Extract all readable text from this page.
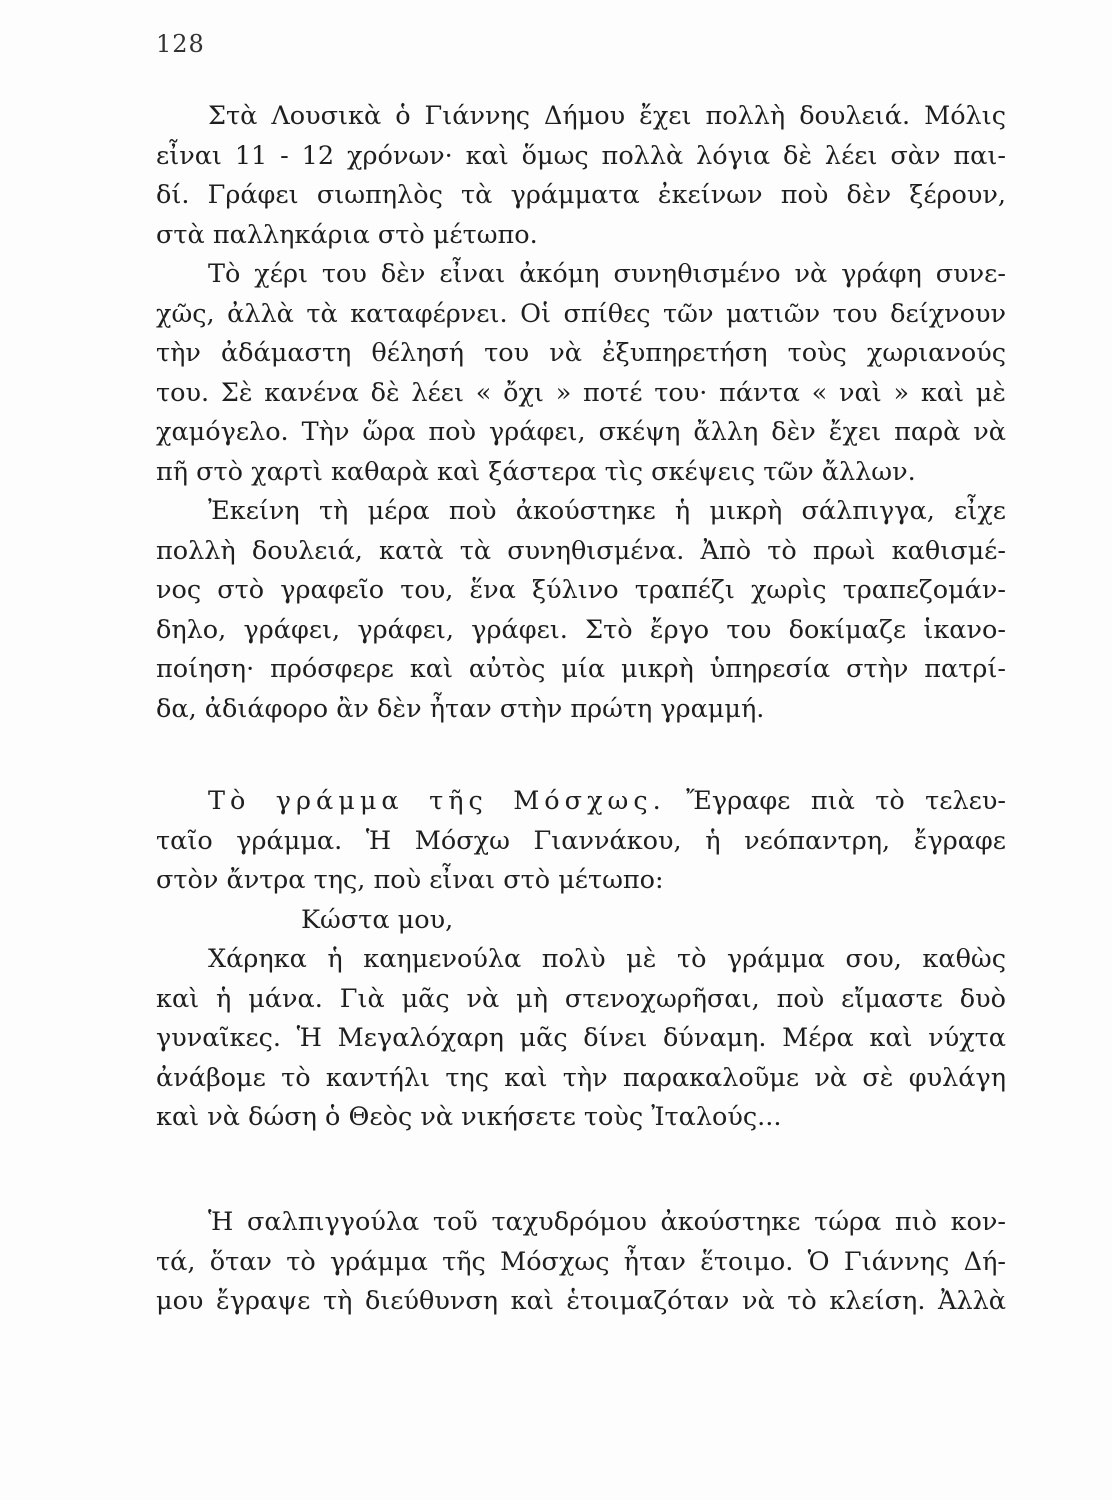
128
Στὰ Λουσικὰ ὁ Γιάννης Δήμου ἔχει πολλὴ δουλειά. Μόλις
εἶναι 11 - 12 χρόνων· καὶ ὅμως πολλὰ λόγια δὲ λέει σὰν παι-
δί. Γράφει σιωπηλὸς τὰ γράμματα ἐκείνων ποὺ δὲν ξέρουν,
στὰ παλληκάρια στὸ μέτωπο.
Τὸ χέρι του δὲν εἶναι ἀκόμη συνηθισμένο νὰ γράφη συνε-
χῶς, ἀλλὰ τὰ καταφέρνει. Οἱ σπίθες τῶν ματιῶν του δείχνουν
τὴν ἀδάμαστη θέλησή του νὰ ἐξυπηρετήση τοὺς χωριανούς
του. Σὲ κανένα δὲ λέει « ὄχι » ποτέ του· πάντα « ναὶ » καὶ μὲ
χαμόγελο. Τὴν ὥρα ποὺ γράφει, σκέψη ἄλλη δὲν ἔχει παρὰ νὰ
πῆ στὸ χαρτὶ καθαρὰ καὶ ξάστερα τὶς σκέψεις τῶν ἄλλων.
Ἐκείνη τὴ μέρα ποὺ ἀκούστηκε ἡ μικρὴ σάλπιγγα, εἶχε
πολλὴ δουλειά, κατὰ τὰ συνηθισμένα. Ἀπὸ τὸ πρωὶ καθισμέ-
νος στὸ γραφεῖο του, ἕνα ξύλινο τραπέζι χωρὶς τραπεζομάν-
δηλο, γράφει, γράφει, γράφει. Στὸ ἔργο του δοκίμαζε ἱκανο-
ποίηση· πρόσφερε καὶ αὐτὸς μία μικρὴ ὑπηρεσία στὴν πατρί-
δα, ἀδιάφορο ἂν δὲν ἦταν στὴν πρώτη γραμμή.
Τὸ γράμμα τῆς Μόσχως. Ἔγραφε πιὰ τὸ τελευ-
ταῖο γράμμα. Ἡ Μόσχω Γιαννάκου, ἡ νεόπαντρη, ἔγραφε
στὸν ἄντρα της, ποὺ εἶναι στὸ μέτωπο:
Κώστα μου,
Χάρηκα ἡ καημενούλα πολὺ μὲ τὸ γράμμα σου, καθὼς
καὶ ἡ μάνα. Γιὰ μᾶς νὰ μὴ στενοχωρῆσαι, ποὺ εἴμαστε δυὸ
γυναῖκες. Ἡ Μεγαλόχαρη μᾶς δίνει δύναμη. Μέρα καὶ νύχτα
ἀνάβομε τὸ καντήλι της καὶ τὴν παρακαλοῦμε νὰ σὲ φυλάγη
καὶ νὰ δώση ὁ Θεὸς νὰ νικήσετε τοὺς Ἰταλούς...
Ἡ σαλπιγγούλα τοῦ ταχυδρόμου ἀκούστηκε τώρα πιὸ κον-
τά, ὅταν τὸ γράμμα τῆς Μόσχως ἦταν ἕτοιμο. Ὁ Γιάννης Δή-
μου ἔγραψε τὴ διεύθυνση καὶ ἑτοιμαζόταν νὰ τὸ κλείση. Ἀλλὰ
